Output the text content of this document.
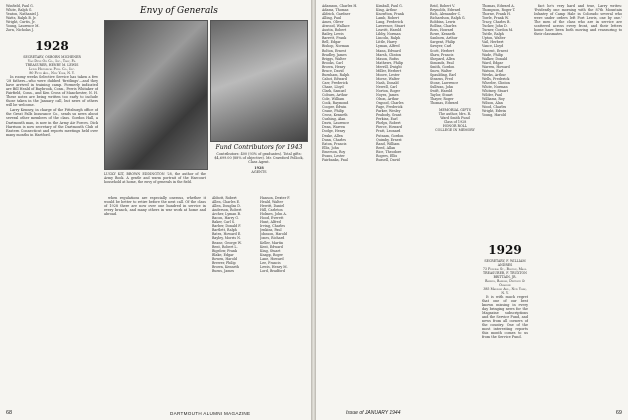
Winfield, Paul G.
White, Ralph G.
Yeaton, Nathaniel J.
Watts, Ralph B. Jr.
Wright, Curtis, Jr.
Young, Laurence M.
Zorn, Nicholas J.
1928
SECRETARY, OSBORN MICHENER
Van Dyne Oil Co., Inc., Troy, Pa.
TREASURER, HENRY M. LEWIS
Lewis Historical Publ. Co., Inc.
80 Fifth Ave., New York, N. Y.

In roomy weeks Selective Service has taken a few '28 fathers—who were dubbed 'firstlings'—and they have arrived in training camp. Formerly indicated are Bill Heald of Baybrook, Conn., Ferris Whitaker of Fairfield, Conn., and Ken Cross of Manchester, N. H. These notes are being written too early to include those taken in the January call, but news of others will be welcome.

Larry Kenney, in charge of the Pittsburgh office of the Great Falls Insurance Co., sends us news about several other members of the class. Gordon Hall, a Dartmouth man, is now in the Army Air Forces. Dick Harrison is now secretary of the Dartmouth Club of Eastern Connecticut and reports meetings held over many months in Hartford.

Envy of Generals
LUCKY KIT, BROWN EDDINGTON '28, the author of the Army Book. A gentle and warm portrait of the Harcourt household at home, the envy of generals in the field.

when regulations are especially onerous, whether it would be better to retire before the next call. Of the class of 1928 there are now over one hundred in service in every branch, and many others in war work at home and abroad.

Fund Contributors for 1943

Contributors: 400 (93% of graduates). Total gifts: $4,699.00 (88% of objective). Mr. Crawford Pollock, Class Agent.

1928
AGENTS
Abbott, Robert
Allen, Charles E.
Allen, Douglas D.
Anderson, Robert
Archer, Lyman B.
Bacon, Harry G.
Baker, Carl S.
Barber, Donald F.
Bartlett, Ralph
Bates, Howard E.
Bayley, Morris N.
Beane, George W.
Bent, Robert L.
Bigelow, Frank
Blake, Edgar
Bowen, Harold
Brewer, Philip
Brown, Kenneth
Burns, James
Hanson, Dexter F.
Heald, Walter
Hewitt, Daniel
Hill, Carleton
Holmes, John A.
Hood, Everett
Hunt, Alfred
Irving, Charles
Jenkins, Paul
Johnson, Harold
Jones, Richard
Keller, Martin
Kent, Edward
King, Stuart
Knapp, Roger
Lane, Howard
Lee, Francis
Lewis, Henry M.
Lord, Bradford
68	DARTMOUTH ALUMNI MAGAZINE
Adamson, Charles H.
Adams, Thomas
Aldrich, Gardner
Alling, Paul
Ames, Oliver
Atwood, Wallace
Austin, Robert
Bailey, Lewis
Barrett, Frank
Bell, Edgar
Bishop, Norman
Bolton, Ernest
Bradley, James
Briggs, Walter
Brooks, Carl
Brown, Henry
Bruce, David
Burnham, Ralph
Cabot, Edward
Carr, Frederick
Chase, Lloyd
Clark, Samuel
Coburn, Arthur
Cole, William
Cook, Raymond
Cooper, Edwin
Crane, Philip
Cross, Kenneth
Cushing, Alan
Davis, Laurence
Dean, Warren
Dodge, Henry
Drake, Allen
Dunn, Charles
Eaton, Francis
Ellis, John
Emerson, Roy
Evans, Lester
Fairbanks, Paul
Kimball, Paul G.
King, Arthur
Knowlton, Frank
Lamb, Robert
Lang, Frederick
Lawrence, Stuart
Leavitt, Harold
Libby, Norman
Lincoln, Ralph
Little, Harry
Lyman, Alfred
Mann, Edward
Marsh, Clinton
Mason, Rufus
Mathews, Philip
Merrill, Dwight
Miller, Herbert
Moore, Lester
Morse, Walter
Nash, Donald
Newell, Carl
Norton, Roger
Noyes, James
Olson, Arthur
Osgood, Charles
Page, Frederick
Parker, Wesley
Peabody, Grant
Perkins, Earl
Phelps, Robert
Pierce, Howard
Pratt, Leonard
Putnam, Gordon
Quimby, Ernest
Rand, William
Reed, Allan
Rice, Theodore
Rogers, Ellis
Russell, David
Reid, Robert V.
Reynolds, Edward
Rich, Alexander C.
Richardson, Ralph G.
Robbins, Lewis
Rollins, Charles
Ross, Howard
Rowe, Kenneth
Sanborn, Arthur
Sargent, Philip
Sawyer, Carl
Scott, Herbert
Shaw, Francis
Shepard, Allen
Simonds, Paul
Smith, Gordon
Snow, Walter
Spaulding, Earl
Stearns, Fred
Stone, Lawrence
Sullivan, John
Swift, Harold
Taylor, Stuart
Thayer, Roger
Thomas, Edward
MEMORIAL GIFTS
The author, Mrs. R.
Ward Smith Fund
Class of 1928
HONOR ROLL
COLLEGE IN MEMORY
Thomas, Edward A.
Thompson, Roger T.
Thorne, Frank H.
Towle, Frank W.
Tracy, Charles B.
Tucker, John D.
Turner, Gordon M.
Tuttle, Ralph
Upton, Walter
Vail, Herbert
Vance, Lloyd
Vincent, Ernest
Wade, Philip
Walker, Donald
Ward, Edgar
Warren, Howard
Watson, Earl
Weeks, Arthur
Wells, Frederick
Wheeler, Clinton
White, Norman
Whitney, Stuart
Wilder, Paul
Williams, Roy
Wilson, Alan
Wood, Charles
Wright, Edwin
Young, Harold
1929
SECRETARY, F. WILLIAM ANDRES
73 Federal St., Boston, Mass.
TREASURER, F. TRUXTON BRITTAIN, JR.
Barnes, Barron, Dietrich & Osborne
385 Madison Ave., New York, N. Y.

It is with much regret that one of our best known missing in every day bringing news for the Magazine subscriptions and the Service Fund, and news from all corners of the country. One of the most interesting reports this month comes to us from the Service Fund.

fact he's very hard and true, Larry writes: 'Evidently one morning with the 87th Mountain Infantry of Camp Hale in Colorado several who were under orders left Fort Lewis, one by one.' The men of the class who are in service are scattered across every front, and their letters home have been both moving and reassuring to their classmates.

Issue of JANUARY 1944	69
